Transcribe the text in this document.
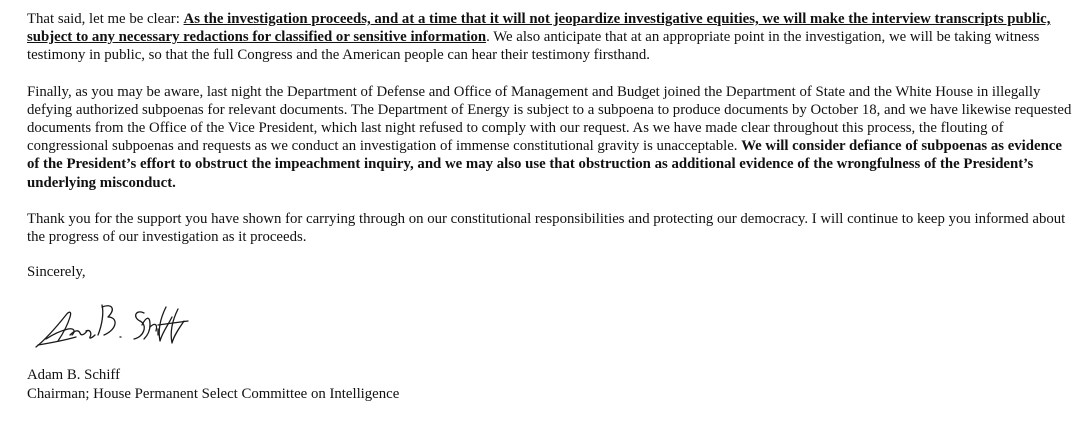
That said, let me be clear: As the investigation proceeds, and at a time that it will not jeopardize investigative equities, we will make the interview transcripts public, subject to any necessary redactions for classified or sensitive information. We also anticipate that at an appropriate point in the investigation, we will be taking witness testimony in public, so that the full Congress and the American people can hear their testimony firsthand.

Finally, as you may be aware, last night the Department of Defense and Office of Management and Budget joined the Department of State and the White House in illegally defying authorized subpoenas for relevant documents. The Department of Energy is subject to a subpoena to produce documents by October 18, and we have likewise requested documents from the Office of the Vice President, which last night refused to comply with our request. As we have made clear throughout this process, the flouting of congressional subpoenas and requests as we conduct an investigation of immense constitutional gravity is unacceptable. We will consider defiance of subpoenas as evidence of the President’s effort to obstruct the impeachment inquiry, and we may also use that obstruction as additional evidence of the wrongfulness of the President’s underlying misconduct.

Thank you for the support you have shown for carrying through on our constitutional responsibilities and protecting our democracy. I will continue to keep you informed about the progress of our investigation as it proceeds.

Sincerely,

Adam B. Schiff
Chairman; House Permanent Select Committee on Intelligence
